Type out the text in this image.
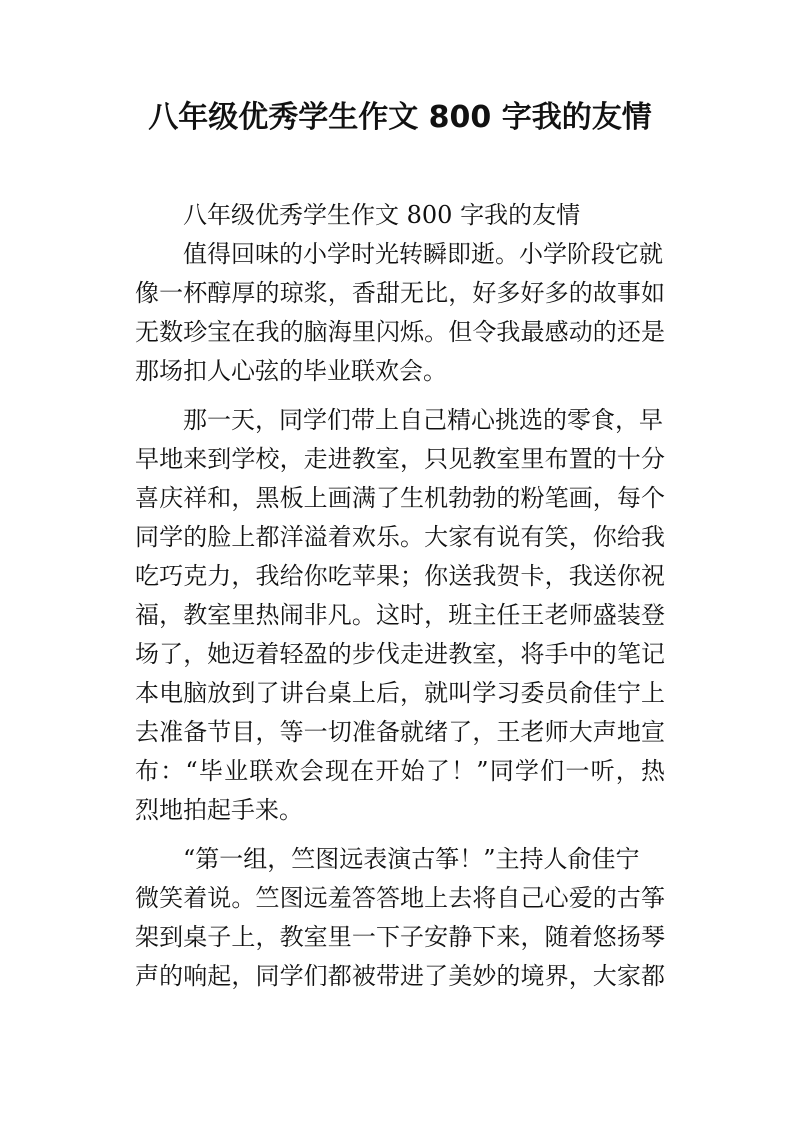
八年级优秀学生作文 800 字我的友情
八年级优秀学生作文 800 字我的友情
值得回味的小学时光转瞬即逝。小学阶段它就
像一杯醇厚的琼浆，香甜无比，好多好多的故事如
无数珍宝在我的脑海里闪烁。但令我最感动的还是
那场扣人心弦的毕业联欢会。
那一天，同学们带上自己精心挑选的零食，早
早地来到学校，走进教室，只见教室里布置的十分
喜庆祥和，黑板上画满了生机勃勃的粉笔画，每个
同学的脸上都洋溢着欢乐。大家有说有笑，你给我
吃巧克力，我给你吃苹果；你送我贺卡，我送你祝
福，教室里热闹非凡。这时，班主任王老师盛装登
场了，她迈着轻盈的步伐走进教室，将手中的笔记
本电脑放到了讲台桌上后，就叫学习委员俞佳宁上
去准备节目，等一切准备就绪了，王老师大声地宣
布：“毕业联欢会现在开始了！”同学们一听，热
烈地拍起手来。
“第一组，竺图远表演古筝！”主持人俞佳宁
微笑着说。竺图远羞答答地上去将自己心爱的古筝
架到桌子上，教室里一下子安静下来，随着悠扬琴
声的响起，同学们都被带进了美妙的境界，大家都
